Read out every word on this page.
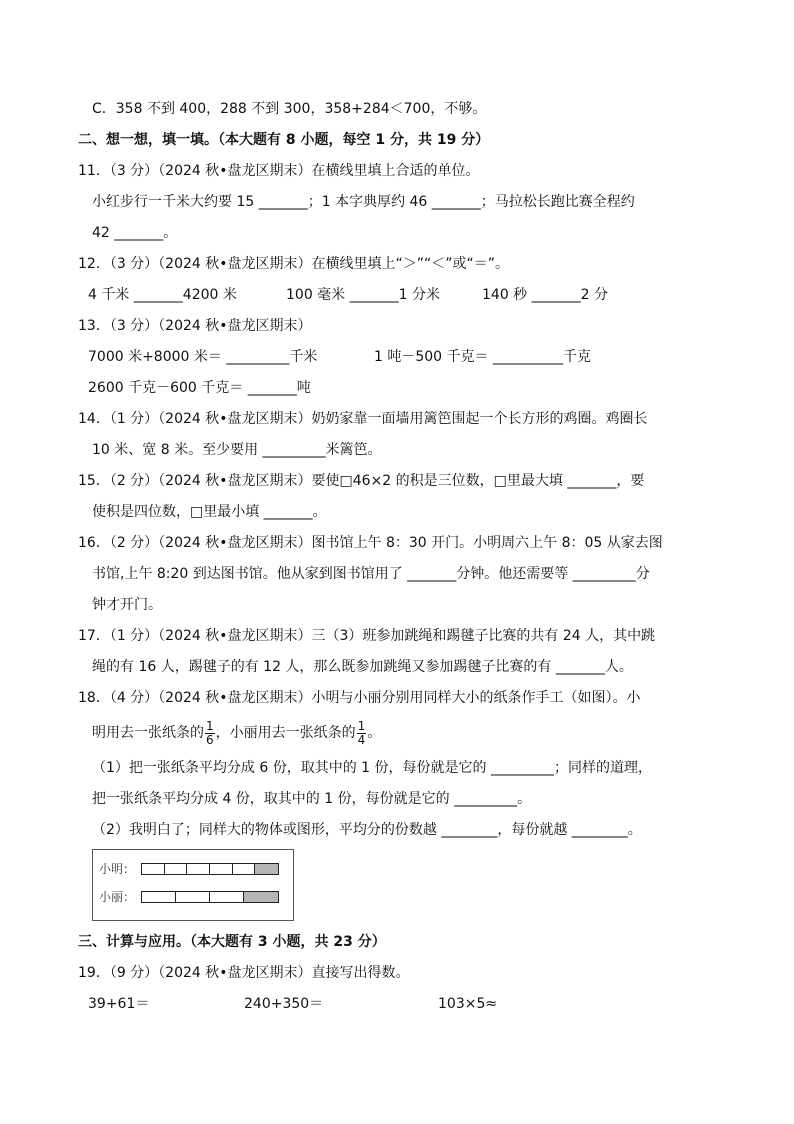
C．358 不到 400，288 不到 300，358+284＜700，不够。
二、想一想，填一填。（本大题有 8 小题，每空 1 分，共 19 分）
11．（3 分）（2024 秋•盘龙区期末）在横线里填上合适的单位。
小红步行一千米大约要 15 _______；1 本字典厚约 46 _______；马拉松长跑比赛全程约
42 _______。
12．（3 分）（2024 秋•盘龙区期末）在横线里填上“＞”“＜”或“＝”。
4 千米 _______4200 米	100 毫米 _______1 分米	140 秒 _______2 分
13．（3 分）（2024 秋•盘龙区期末）
7000 米+8000 米＝ _________千米	1 吨－500 千克＝ __________千克
2600 千克－600 千克＝ _______吨
14．（1 分）（2024 秋•盘龙区期末）奶奶家靠一面墙用篱笆围起一个长方形的鸡圈。鸡圈长
10 米、宽 8 米。至少要用 _________米篱笆。
15．（2 分）（2024 秋•盘龙区期末）要使□46×2 的积是三位数，□里最大填 _______，要
使积是四位数，□里最小填 _______。
16．（2 分）（2024 秋•盘龙区期末）图书馆上午 8：30 开门。小明周六上午 8：05 从家去图
书馆,上午 8:20 到达图书馆。他从家到图书馆用了 _______分钟。他还需要等 _________分
钟才开门。
17．（1 分）（2024 秋•盘龙区期末）三（3）班参加跳绳和踢毽子比赛的共有 24 人，其中跳
绳的有 16 人，踢毽子的有 12 人，那么既参加跳绳又参加踢毽子比赛的有 _______人。
18．（4 分）（2024 秋•盘龙区期末）小明与小丽分别用同样大小的纸条作手工（如图）。小
明用去一张纸条的 $\frac{1}{6}$ ，小丽用去一张纸条的 $\frac{1}{4}$ 。
（1）把一张纸条平均分成 6 份，取其中的 1 份，每份就是它的 _________；同样的道理，
把一张纸条平均分成 4 份，取其中的 1 份，每份就是它的 _________。
（2）我明白了；同样大的物体或图形，平均分的份数越 ________，每份就越 ________。
小明：
小丽：
三、计算与应用。（本大题有 3 小题，共 23 分）
19．（9 分）（2024 秋•盘龙区期末）直接写出得数。
39+61＝	240+350＝	103×5≈
